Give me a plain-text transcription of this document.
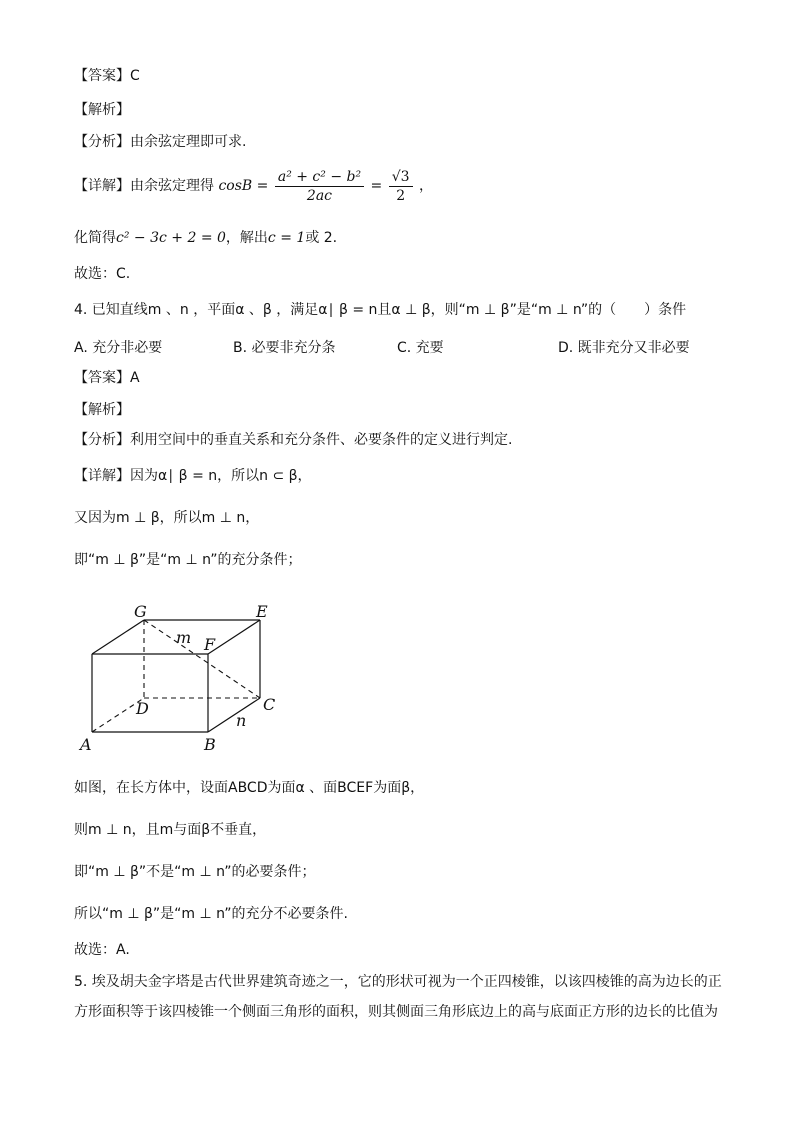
【答案】C
【解析】
【分析】由余弦定理即可求.
【详解】由余弦定理得 $\cos B = \frac{\text{a² + c² − b²}}{2ac} = \frac{√3}{2}$ ，
化简得c² − 3c + 2 = 0，解出c = 1或 2.
故选：C.
4. 已知直线m 、n ，平面α 、β ，满足α∣ β = n且α ⊥ β，则“m ⊥ β”是“m ⊥ n”的（　　）条件
A. 充分非必要	B. 必要非充分条	C. 充要	D. 既非充分又非必要
【答案】A
【解析】
【分析】利用空间中的垂直关系和充分条件、必要条件的定义进行判定.
【详解】因为α∣ β = n，所以n ⊂ β，
又因为m ⊥ β，所以m ⊥ n，
即“m ⊥ β”是“m ⊥ n”的充分条件；
G	E
F
m
D	C
n
A	B
如图，在长方体中，设面ABCD为面α 、面BCEF为面β，
则m ⊥ n，且m与面β不垂直，
即“m ⊥ β”不是“m ⊥ n”的必要条件；
所以“m ⊥ β”是“m ⊥ n”的充分不必要条件.
故选：A.
5. 埃及胡夫金字塔是古代世界建筑奇迹之一，它的形状可视为一个正四棱锥，以该四棱锥的高为边长的正
方形面积等于该四棱锥一个侧面三角形的面积，则其侧面三角形底边上的高与底面正方形的边长的比值为
